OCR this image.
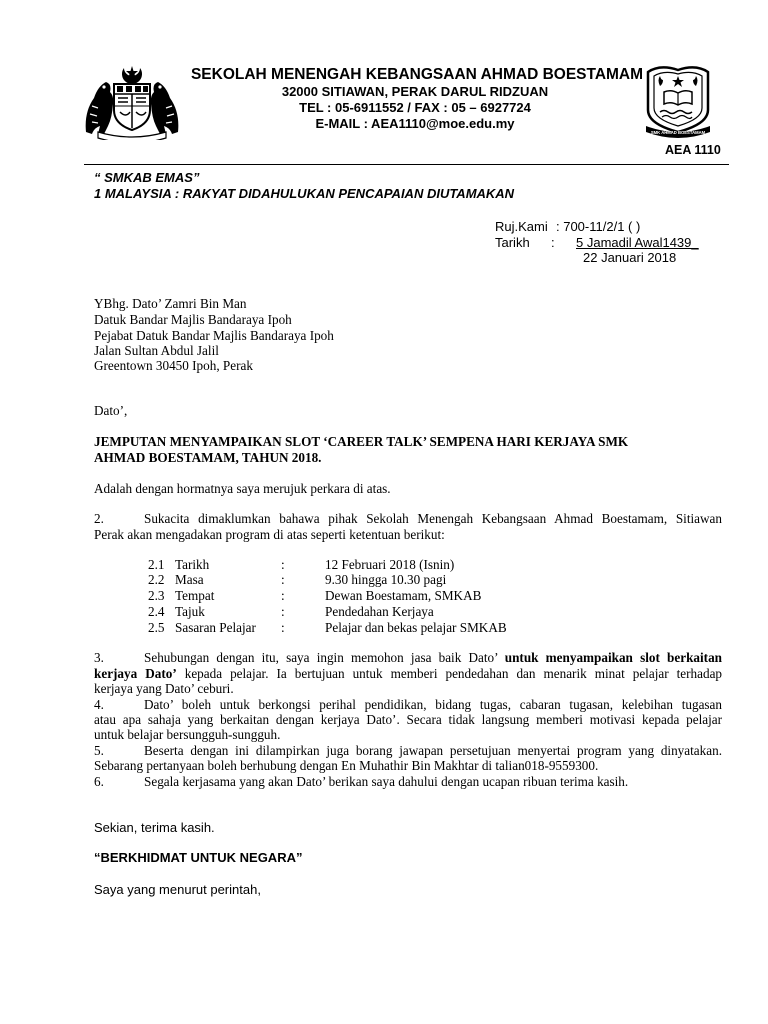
SEKOLAH MENENGAH KEBANGSAAN AHMAD BOESTAMAM
32000 SITIAWAN, PERAK DARUL RIDZUAN
TEL : 05-6911552 / FAX : 05 – 6927724
E-MAIL : AEA1110@moe.edu.my
SMK AHMAD BOESTAMAM
AEA 1110
“ SMKAB EMAS”
1 MALAYSIA : RAKYAT DIDAHULUKAN PENCAPAIAN DIUTAMAKAN
Ruj.Kami : 700-11/2/1 ( )
Tarikh :	5 Jamadil Awal1439_
22 Januari 2018
YBhg. Dato’ Zamri Bin Man
Datuk Bandar Majlis Bandaraya Ipoh
Pejabat Datuk Bandar Majlis Bandaraya Ipoh
Jalan Sultan Abdul Jalil
Greentown 30450 Ipoh, Perak
Dato’,
JEMPUTAN MENYAMPAIKAN SLOT ‘CAREER TALK’ SEMPENA HARI KERJAYA SMK
AHMAD BOESTAMAM, TAHUN 2018.
Adalah dengan hormatnya saya merujuk perkara di atas.
2.	Sukacita dimaklumkan bahawa pihak Sekolah Menengah Kebangsaan Ahmad Boestamam, Sitiawan
Perak akan mengadakan program di atas seperti ketentuan berikut:
2.1 Tarikh	:	12 Februari 2018 (Isnin)
2.2 Masa	:	9.30 hingga 10.30 pagi
2.3 Tempat	:	Dewan Boestamam, SMKAB
2.4 Tajuk	:	Pendedahan Kerjaya
2.5 Sasaran Pelajar :	Pelajar dan bekas pelajar SMKAB
3.	Sehubungan dengan itu, saya ingin memohon jasa baik Dato’ untuk menyampaikan slot berkaitan
kerjaya Dato’ kepada pelajar. Ia bertujuan untuk memberi pendedahan dan menarik minat pelajar terhadap
kerjaya yang Dato’ ceburi.
4.	Dato’ boleh untuk berkongsi perihal pendidikan, bidang tugas, cabaran tugasan, kelebihan tugasan
atau apa sahaja yang berkaitan dengan kerjaya Dato’. Secara tidak langsung memberi motivasi kepada pelajar
untuk belajar bersungguh-sungguh.
5.	Beserta dengan ini dilampirkan juga borang jawapan persetujuan menyertai program yang dinyatakan.
Sebarang pertanyaan boleh berhubung dengan En Muhathir Bin Makhtar di talian018-9559300.
6.	Segala kerjasama yang akan Dato’ berikan saya dahului dengan ucapan ribuan terima kasih.
Sekian, terima kasih.
“BERKHIDMAT UNTUK NEGARA”
Saya yang menurut perintah,
